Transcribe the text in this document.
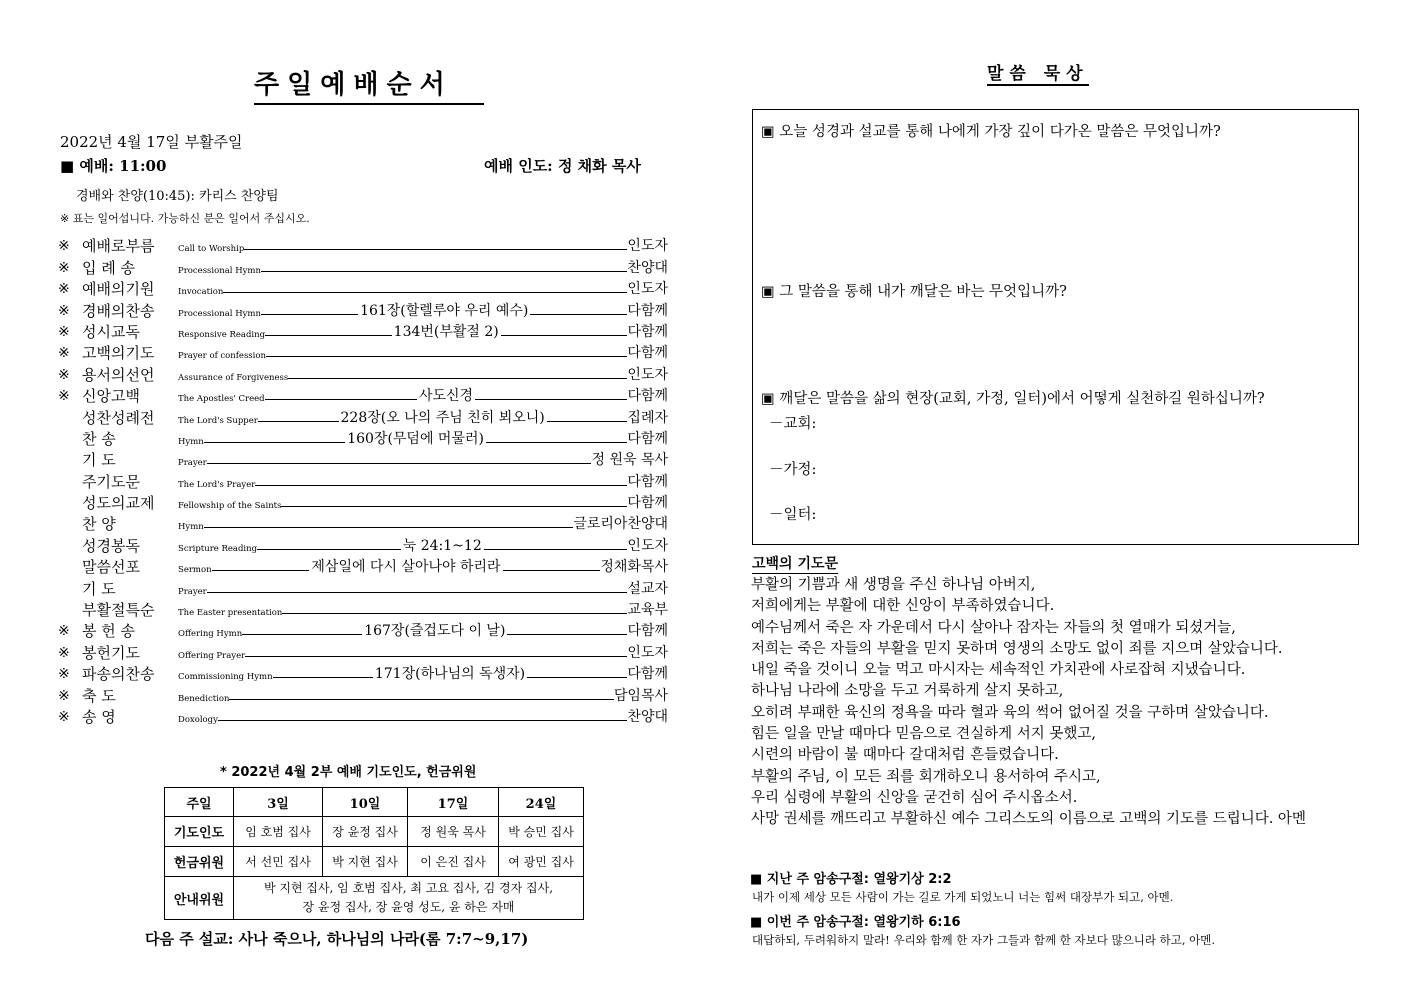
주일예배순서
2022년 4월 17일 부활주일
■ 예배: 11:00	예배 인도: 정 채화 목사
경배와 찬양(10:45): 카리스 찬양팀
※ 표는 일어섭니다. 가능하신 분은 일어서 주십시오.
※ 예배로부름	Call to Worship	인도자
※ 입 례 송	Processional Hymn	찬양대
※ 예배의기원	Invocation	인도자
※ 경배의찬송	Processional Hymn	161장(할렐루야 우리 예수)	다함께
※ 성시교독	Responsive Reading	134번(부활절 2)	다함께
※ 고백의기도	Prayer of confession	다함께
※ 용서의선언	Assurance of Forgiveness	인도자
※ 신앙고백	The Apostles' Creed	사도신경	다함께
성찬성례전	The Lord's Supper	228장(오 나의 주님 친히 뵈오니)	집례자
찬 송	Hymn	160장(무덤에 머물러)	다함께
기 도	Prayer	정 원욱 목사
주기도문	The Lord's Prayer	다함께
성도의교제	Fellowship of the Saints	다함께
찬 양	Hymn	글로리아찬양대
성경봉독	Scripture Reading	눅 24:1~12	인도자
말씀선포	Sermon	제삼일에 다시 살아나야 하리라	정채화목사
기 도	Prayer	설교자
부활절특순	The Easter presentation	교육부
※ 봉 헌 송	Offering Hymn	167장(즐겁도다 이 날)	다함께
※ 봉헌기도	Offering Prayer	인도자
※ 파송의찬송	Commissioning Hymn	171장(하나님의 독생자)	다함께
※ 축 도	Benediction	담임목사
※ 송 영	Doxology	찬양대
* 2022년 4월 2부 예배 기도인도, 헌금위원
주일	3일	10일	17일	24일
기도인도	임 호범 집사	장 윤정 집사	정 원욱 목사	박 승민 집사
헌금위원	서 선민 집사	박 지현 집사	이 은진 집사	여 광민 집사
안내위원	박 지현 집사, 임 호범 집사, 최 고요 집사, 김 경자 집사,
장 윤정 집사, 장 윤영 성도, 윤 하은 자매			
다음 주 설교: 사나 죽으나, 하나님의 나라(롬 7:7~9,17)
말씀 묵상
▣ 오늘 성경과 설교를 통해 나에게 가장 깊이 다가온 말씀은 무엇입니까?
▣ 그 말씀을 통해 내가 깨달은 바는 무엇입니까?
▣ 깨달은 말씀을 삶의 현장(교회, 가정, 일터)에서 어떻게 실천하길 원하십니까?
－교회:
－가정:
－일터:
고백의 기도문
부활의 기쁨과 새 생명을 주신 하나님 아버지,
저희에게는 부활에 대한 신앙이 부족하였습니다.
예수님께서 죽은 자 가운데서 다시 살아나 잠자는 자들의 첫 열매가 되셨거늘,
저희는 죽은 자들의 부활을 믿지 못하며 영생의 소망도 없이 죄를 지으며 살았습니다.
내일 죽을 것이니 오늘 먹고 마시자는 세속적인 가치관에 사로잡혀 지냈습니다.
하나님 나라에 소망을 두고 거룩하게 살지 못하고,
오히려 부패한 육신의 정욕을 따라 혈과 육의 썩어 없어질 것을 구하며 살았습니다.
힘든 일을 만날 때마다 믿음으로 견실하게 서지 못했고,
시련의 바람이 불 때마다 갈대처럼 흔들렸습니다.
부활의 주님, 이 모든 죄를 회개하오니 용서하여 주시고,
우리 심령에 부활의 신앙을 굳건히 심어 주시옵소서.
사망 권세를 깨뜨리고 부활하신 예수 그리스도의 이름으로 고백의 기도를 드립니다. 아멘
■ 지난 주 암송구절: 열왕기상 2:2
내가 이제 세상 모든 사람이 가는 길로 가게 되었노니 너는 힘써 대장부가 되고, 아멘.
■ 이번 주 암송구절: 열왕기하 6:16
대답하되, 두려워하지 말라! 우리와 함께 한 자가 그들과 함께 한 자보다 많으니라 하고, 아멘.
